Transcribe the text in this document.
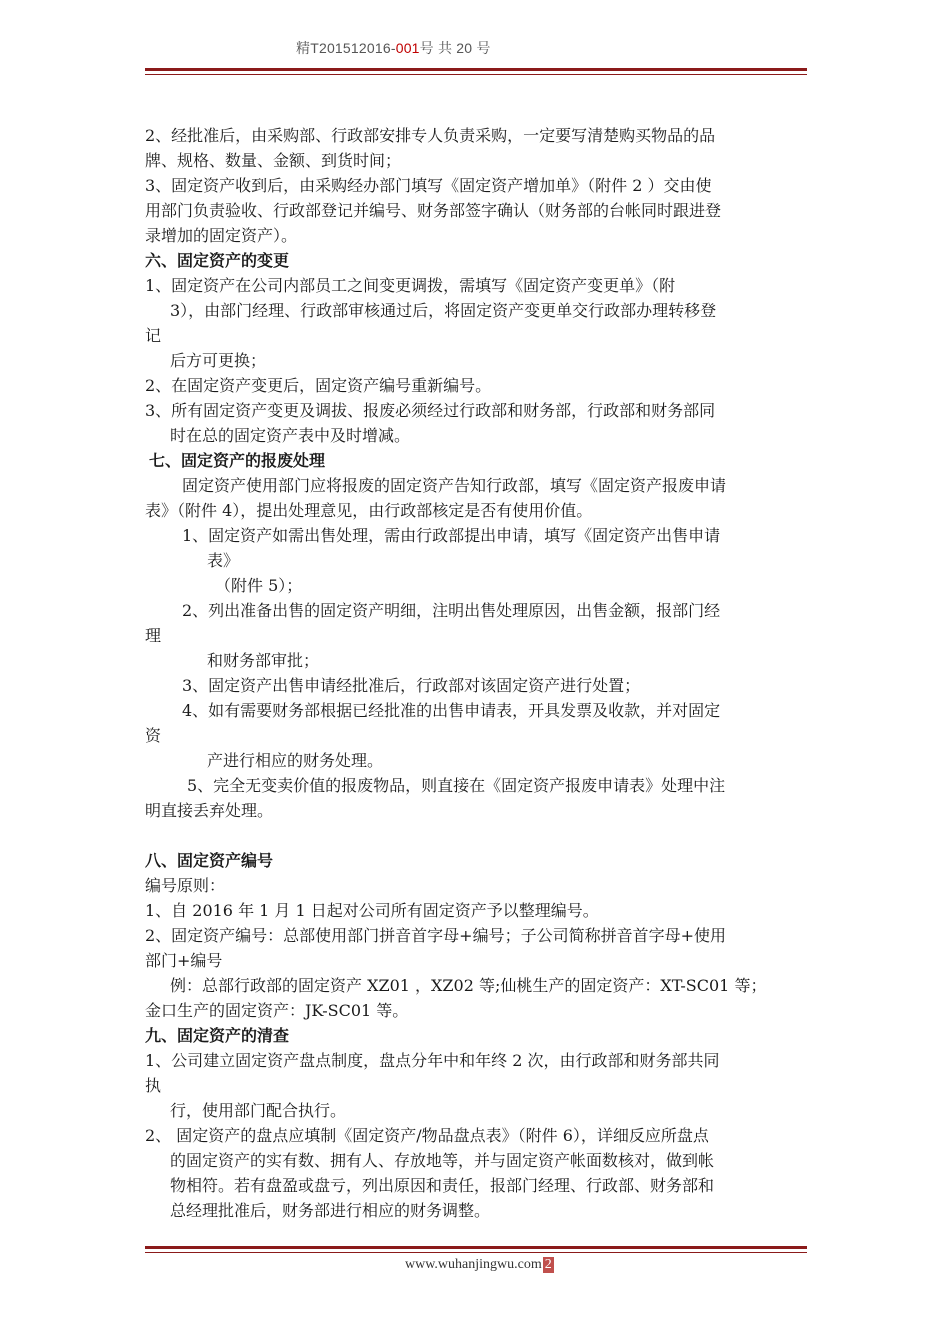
精T201512016-001号 共 20 号

2、经批准后，由采购部、行政部安排专人负责采购，一定要写清楚购买物品的品

牌、规格、数量、金额、到货时间；

3、固定资产收到后，由采购经办部门填写《固定资产增加单》（附件 2 ）交由使

用部门负责验收、行政部登记并编号、财务部签字确认（财务部的台帐同时跟进登

录增加的固定资产）。

六、固定资产的变更

1、固定资产在公司内部员工之间变更调拨，需填写《固定资产变更单》（附

3），由部门经理、行政部审核通过后，将固定资产变更单交行政部办理转移登

记

后方可更换；

2、在固定资产变更后，固定资产编号重新编号。

3、所有固定资产变更及调拔、报废必须经过行政部和财务部，行政部和财务部同

时在总的固定资产表中及时增减。

七、固定资产的报废处理

固定资产使用部门应将报废的固定资产告知行政部，填写《固定资产报废申请

表》（附件 4），提出处理意见，由行政部核定是否有使用价值。

1、固定资产如需出售处理，需由行政部提出申请，填写《固定资产出售申请

表》

（附件 5）；

2、列出准备出售的固定资产明细，注明出售处理原因，出售金额，报部门经

理

和财务部审批；

3、固定资产出售申请经批准后，行政部对该固定资产进行处置；

4、如有需要财务部根据已经批准的出售申请表，开具发票及收款，并对固定

资

产进行相应的财务处理。

5、完全无变卖价值的报废物品，则直接在《固定资产报废申请表》处理中注

明直接丢弃处理。

八、固定资产编号

编号原则：

1、自 2016 年 1 月 1 日起对公司所有固定资产予以整理编号。

2、固定资产编号：总部使用部门拼音首字母+编号；子公司简称拼音首字母+使用

部门+编号

例：总部行政部的固定资产 XZ01 ，XZ02 等;仙桃生产的固定资产：XT-SC01 等；

金口生产的固定资产：JK-SC01 等。

九、固定资产的清查

1、公司建立固定资产盘点制度，盘点分年中和年终 2 次，由行政部和财务部共同

执

行，使用部门配合执行。

2、 固定资产的盘点应填制《固定资产/物品盘点表》（附件 6），详细反应所盘点

的固定资产的实有数、拥有人、存放地等，并与固定资产帐面数核对，做到帐

物相符。若有盘盈或盘亏，列出原因和责任，报部门经理、行政部、财务部和

总经理批准后，财务部进行相应的财务调整。

www.wuhanjingwu.com 2
